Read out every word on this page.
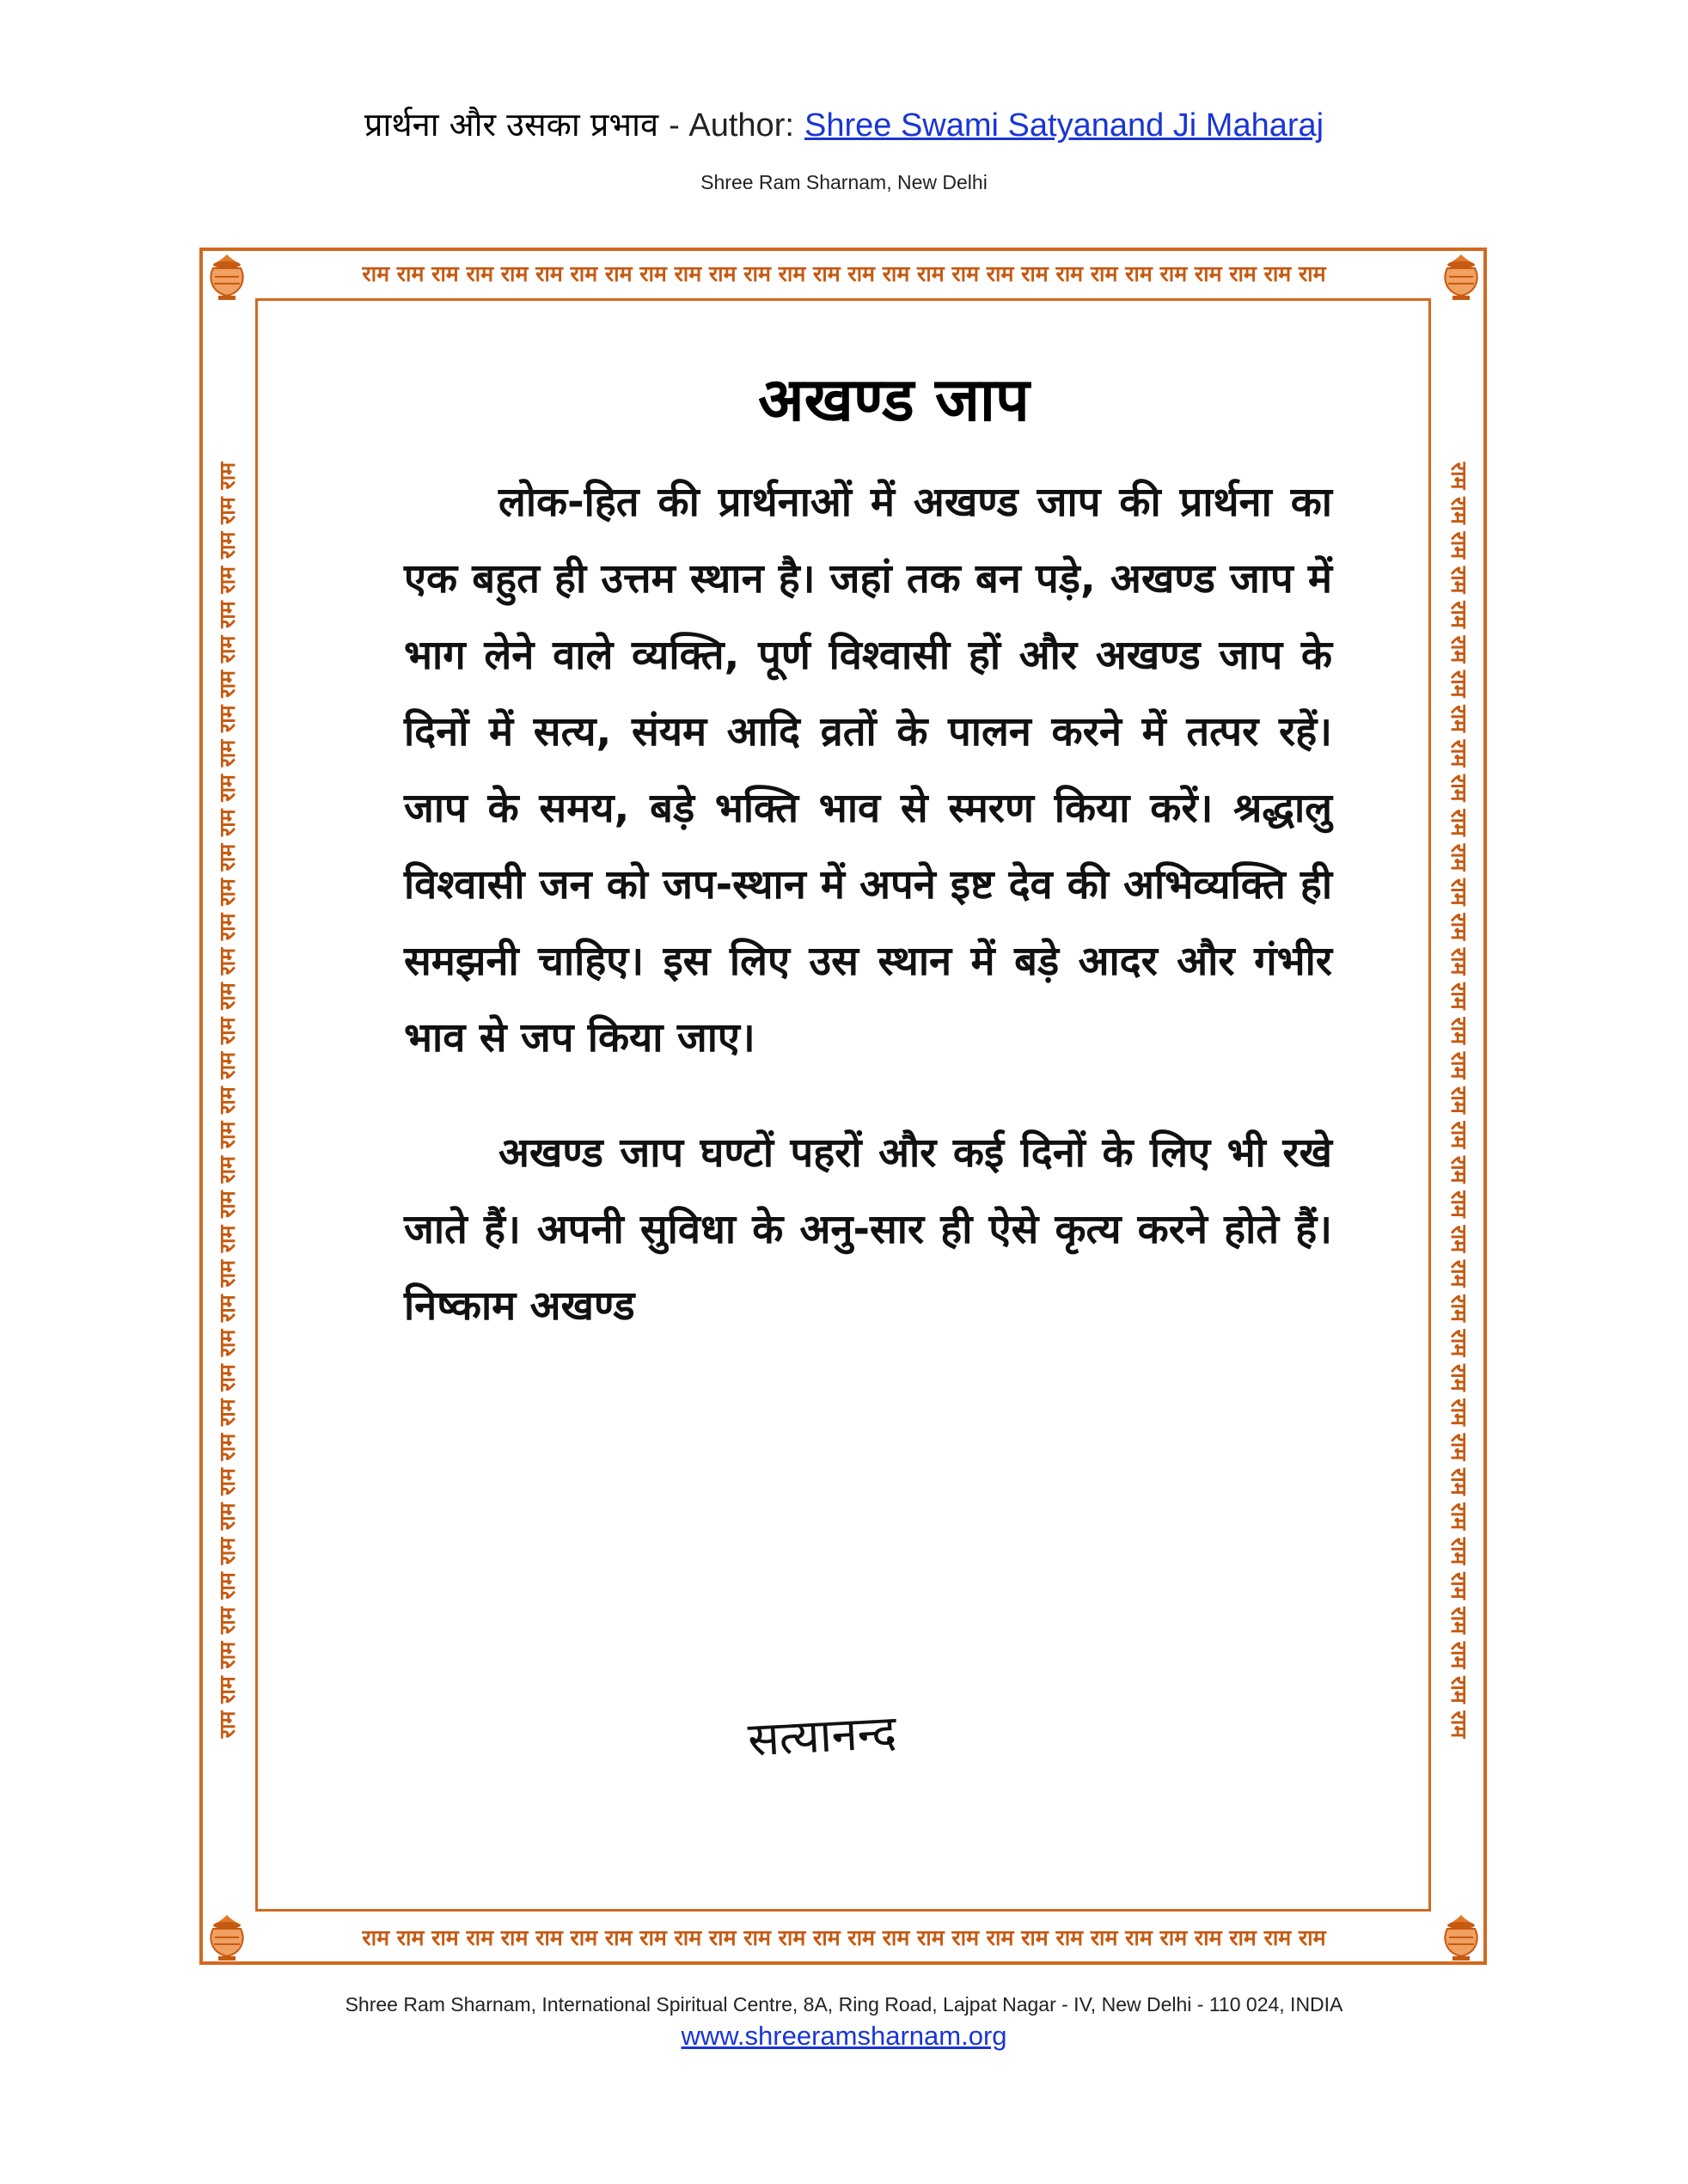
प्रार्थना और उसका प्रभाव - Author: Shree Swami Satyanand Ji Maharaj
Shree Ram Sharnam, New Delhi
राम राम राम राम राम राम राम राम राम राम राम राम राम राम राम राम राम राम राम राम राम राम राम राम राम राम राम राम
राम राम राम राम राम राम राम राम राम राम राम राम राम राम राम राम राम राम राम राम राम राम राम राम राम राम राम राम
राम राम राम राम राम राम राम राम राम राम राम राम राम राम राम राम राम राम राम राम राम राम राम राम राम राम राम राम राम राम राम राम राम राम राम राम राम	राम राम राम राम राम राम राम राम राम राम राम राम राम राम राम राम राम राम राम राम राम राम राम राम राम राम राम राम राम राम राम राम राम राम राम राम राम
अखण्ड जाप

लोक-हित की प्रार्थनाओं में अखण्ड जाप की प्रार्थना का एक बहुत ही उत्तम स्थान है। जहां तक बन पड़े, अखण्ड जाप में भाग लेने वाले व्यक्ति, पूर्ण विश्वासी हों और अखण्ड जाप के दिनों में सत्य, संयम आदि व्रतों के पालन करने में तत्पर रहें। जाप के समय, बड़े भक्ति भाव से स्मरण किया करें। श्रद्धालु विश्वासी जन को जप-स्थान में अपने इष्ट देव की अभिव्यक्ति ही समझनी चाहिए। इस लिए उस स्थान में बड़े आदर और गंभीर भाव से जप किया जाए।

अखण्ड जाप घण्टों पहरों और कई दिनों के लिए भी रखे जाते हैं। अपनी सुविधा के अनु-सार ही ऐसे कृत्य करने होते हैं। निष्काम अखण्ड

सत्यानन्द
Shree Ram Sharnam, International Spiritual Centre, 8A, Ring Road, Lajpat Nagar - IV, New Delhi - 110 024, INDIA
www.shreeramsharnam.org
